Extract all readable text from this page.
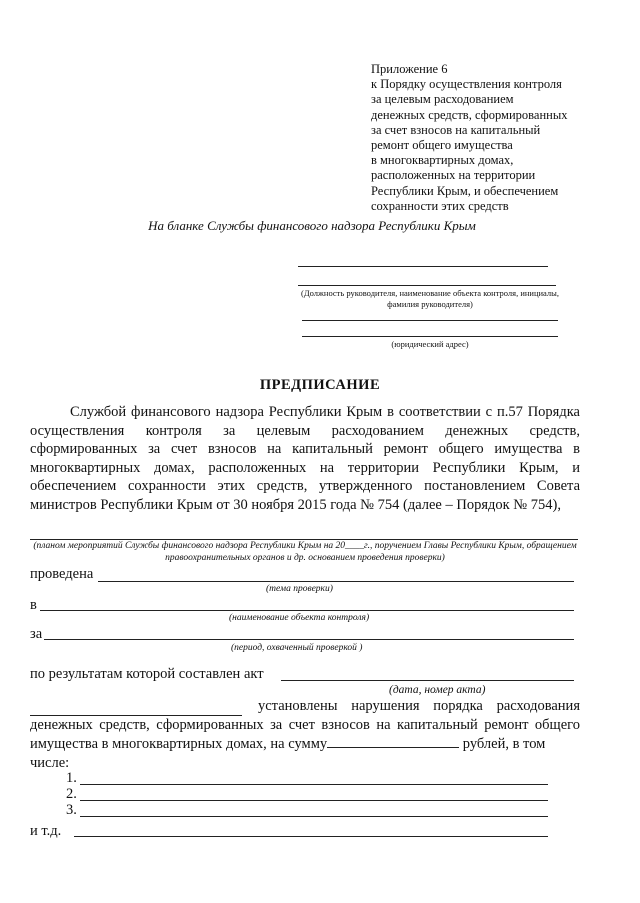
Приложение 6
к Порядку осуществления контроля
за целевым расходованием
денежных средств, сформированных
за счет взносов на капитальный
ремонт общего имущества
в многоквартирных домах,
расположенных на территории
Республики Крым, и обеспечением
сохранности этих средств
На бланке Службы финансового надзора Республики Крым
(Должность руководителя, наименование объекта контроля, инициалы,
фамилия руководителя)
(юридический адрес)
ПРЕДПИСАНИЕ

Службой финансового надзора Республики Крым в соответствии с п.57 Порядка осуществления контроля за целевым расходованием денежных средств, сформированных за счет взносов на капитальный ремонт общего имущества в многоквартирных домах, расположенных на территории Республики Крым, и обеспечением сохранности этих средств, утвержденного постановлением Совета министров Республики Крым от 30 ноября 2015 года № 754 (далее – Порядок № 754),

(планом мероприятий Службы финансового надзора Республики Крым на 20____г., поручением Главы Республики Крым, обращением правоохранительных органов и др. основанием проведения проверки)
проведена
(тема проверки)
в
(наименование объекта контроля)
за
(период, охваченный проверкой )
по результатам которой составлен акт
(дата, номер акта)

установлены нарушения порядка расходования денежных средств, сформированных за счет взносов на капитальный ремонт общего имущества в многоквартирных домах, на сумму	рублей, в том

числе:

1.
2.
3.
и т.д.
